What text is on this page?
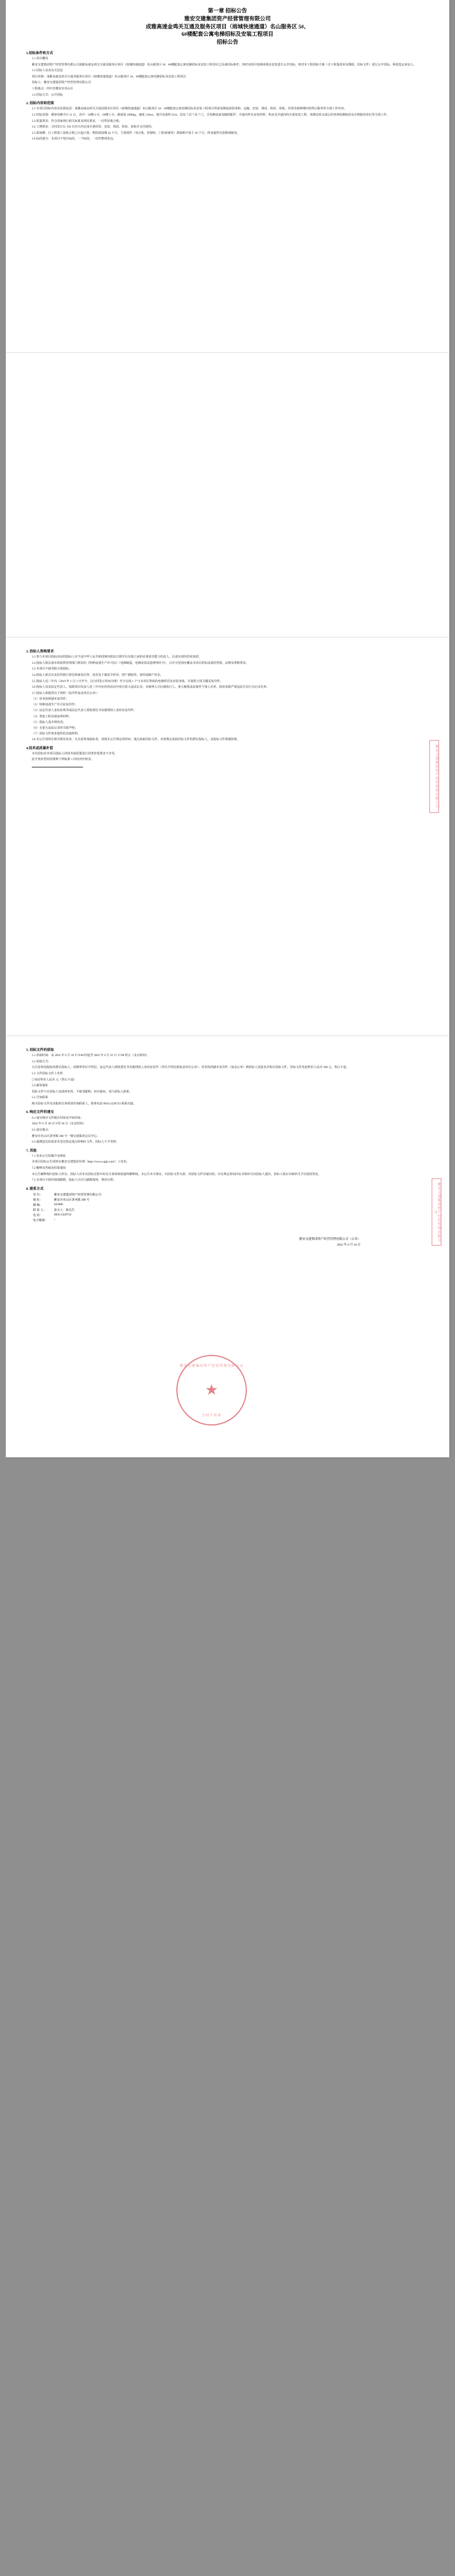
第一章 招标公告
雅安交建集团资产经营管理有限公司
成雅高速金鸡关互通及服务区项目（雨城快速通道）名山服务区 5#、
6#楼配套公寓电梯招标及安装工程项目
招标公告
1.招标条件和方式

1.1 项目概况

雅安交建集团资产经营管理有限公司成雅高速金鸡关互通及服务区项目（雨城快速通道）名山服务区 5#、6#楼配套公寓电梯招标及安装工程项目已具备招标条件，现对该项目电梯采购及安装进行公开招标，现对本工程招标方案（含工程量清单及图纸、招标文件）进行公开招标，择优选定承包人。

1.2 招标人及其有关信息

项目名称：成雅高速金鸡关互通及服务区项目（雨城快速通道）名山服务区 5#、6#楼配套公寓电梯招标及安装工程项目

招标人：雅安交建集团资产经营管理有限公司

工程地点：四川省雅安市名山区

1.3 招标方式：公开招标

2. 招标内容和范围

2.1 本项目招标内容及范围包括：成雅高速金鸡关互通及服务区项目（雨城快速通道）名山服务区 5#、6#楼配套公寓电梯招标及安装工程项目所需电梯设备的采购、运输、安装、调试、检验、验收、培训及保修期内的售后服务等全部工作内容。

2.2 招标范围：乘客电梯共计 11 台，其中：5#楼 6 台，6#楼 5 台；载重量 1000kg，速度 1.0m/s，提升高度约 21m，层站 7 层 7 站 7 门，含电梯设备及随机配件、井道内所有安装材料、机房及井道内的全部安装工程、电梯安装完成后的各项检测检验及办理使用登记等全部工作。

2.3 质量要求：符合国家现行相关标准及规范要求，一次性验收合格。

2.4 工期要求：合同签订后 150 日历天内完成全部供货、安装、调试、检验、验收并交付使用。

2.5 质保期：自工程竣工验收合格之日起计算，整机质保期 24 个月，主要部件（曳引机、控制柜、门机系统等）质保期不低于 36 个月，终身提供有偿维保服务。

2.6 标段划分：本项目不划分标段，一个标段，一次性整体发包。

3. 投标人资格要求

3.1 参与本项目投标活动的投标人应当是中华人民共和国境内依法注册并具有独立承担民事责任能力的法人，具备有效的营业执照。

3.2 投标人须具备市场监督管理部门核发的《特种设备生产许可证》（电梯制造、电梯安装改造修理许可），且许可范围应覆盖本项目招标设备的类别、品种及参数要求。

3.3 本项目不接受联合体投标。

3.4 投标人须具有良好的银行资信和商业信誉，没有处于被责令停业、财产被接管、冻结或破产状态。

3.5 投标人近三年内（2019 年 1 月 1 日至今，以合同签订时间为准）至少完成 1 个与本项目类似的电梯供货及安装业绩，并提供合同关键页复印件。

3.6 投标人及其法定代表人、拟派项目负责人近三年内在经营活动中没有重大违法记录，未被列入失信被执行人、重大税收违法案件当事人名单、政府采购严重违法失信行为记录名单。

3.7 投标人须提供以下资料（复印件加盖单位公章）：

（1）营业执照副本复印件；

（2）特种设备生产许可证复印件；

（3）法定代表人身份证明书或法定代表人授权委托书及被授权人身份证复印件；

（4）类似工程业绩证明材料；

（5）投标人基本情况表；

（6）无重大违法记录的书面声明；

（7）招标文件要求提供的其他材料。

3.8 本公告同时在相关网站发布，凡有意参加投标者，请按本公告规定的时间、地点获取招标文件。未按规定获取招标文件的潜在投标人，其投标文件将被拒绝。

4.技术或质量补偿

本次招标对本项目投标人的技术或质量进行同类补偿要求不享受。

此开放补偿的的规则下列标准＋次经济价值表。	雅安交建集团资产经营管理有限公司
5. 招标文件的获取

5.1 获取时间：从 2022 年 6 月 18 日 9:00 时起至 2022 年 6 月 22 日 17:00 时止（北京时间）。

5.2 获取方式：

凡有意参加投标的潜在投标人，请携带单位介绍信、法定代表人授权委托书及被授权人身份证原件（单位介绍信须加盖单位公章）、营业执照副本复印件（加盖公章）到招标人处报名并购买招标文件，招标文件每套售价人民币 500 元，售后不退。

5.3 文件招标文件上发售

□ 每份售价人民币 元（售后不退）

5.4 邮寄地址

招标文件只在招标人处现场发售，不接受邮购；如有疑问，请与招标人联系。

5.5 告知联系

购买招标文件及其他相关事项请咨询联系人，联系电话 0835-2329733 联系沟通。

6. 响应文件的递交

6.1 递交响应文件截止时间及开标时间：

2022 年 6 月 28 日 9 时 30 分（北京时间）

6.2 递交地点：

雅安市名山区茅河镇 308 号一楼交通集团会议中心。

6.3 逾期送达的或者未送达指定地点的响应文件，招标人不予受理。

7. 其他

7.1 发布公告的媒介及网址

本项目招标公告同时在雅安交建集团官网（http://www.yajjjt.com/）上发布。

7.2 解释及答疑及结果通知

本公告解释权归招标人所有。招标人对本次招标过程中的有关事项保留最终解释权。本公告未尽事宜，以招标文件为准。对招标文件有疑问的，应在规定时间内以书面形式向招标人提出，招标人将以书面形式予以澄清答复。

7.3 本项目不组织现场踏勘，投标人可自行踏勘现场，费用自理。

8. 联系方式
单 位：	雅安交建集团资产经营管理有限公司
地 址：	雅安市名山区茅河镇 308 号
邮 编：	625000
联 系 人：	张女士、陈先生
电 话：	0835-2329733
电子邮箱：	/
雅安交建集团资产经营管理有限公司（公章）
2022 年 6 月 16 日
★
雅安交建集团资产经营管理有限公司
合同专用章
雅安交建集团资产经营管理有限公司
